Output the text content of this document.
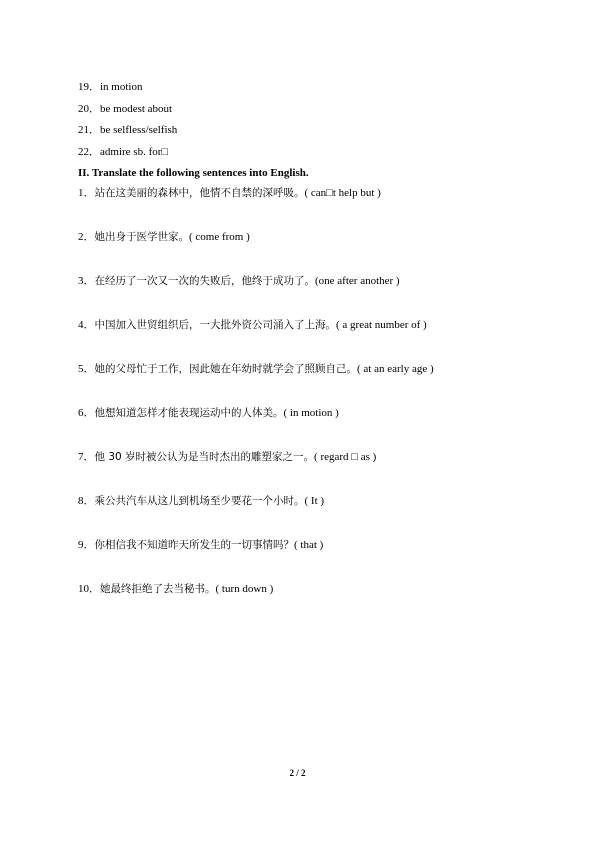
19．in motion
20．be modest about
21．be selfless/selfish
22．admire sb. for□
II. Translate the following sentences into English.
1．站在这美丽的森林中，他情不自禁的深呼吸。( can□t help but )
2．她出身于医学世家。( come from )
3．在经历了一次又一次的失败后，他终于成功了。(one after another )
4．中国加入世贸组织后，一大批外资公司涌入了上海。( a great number of )
5．她的父母忙于工作，因此她在年幼时就学会了照顾自己。( at an early age )
6．他想知道怎样才能表现运动中的人体美。( in motion )
7．他 30 岁时被公认为是当时杰出的雕塑家之一。( regard □ as )
8．乘公共汽车从这儿到机场至少要花一个小时。( It )
9．你相信我不知道昨天所发生的一切事情吗？( that )
10．她最终拒绝了去当秘书。( turn down )
2 / 2
